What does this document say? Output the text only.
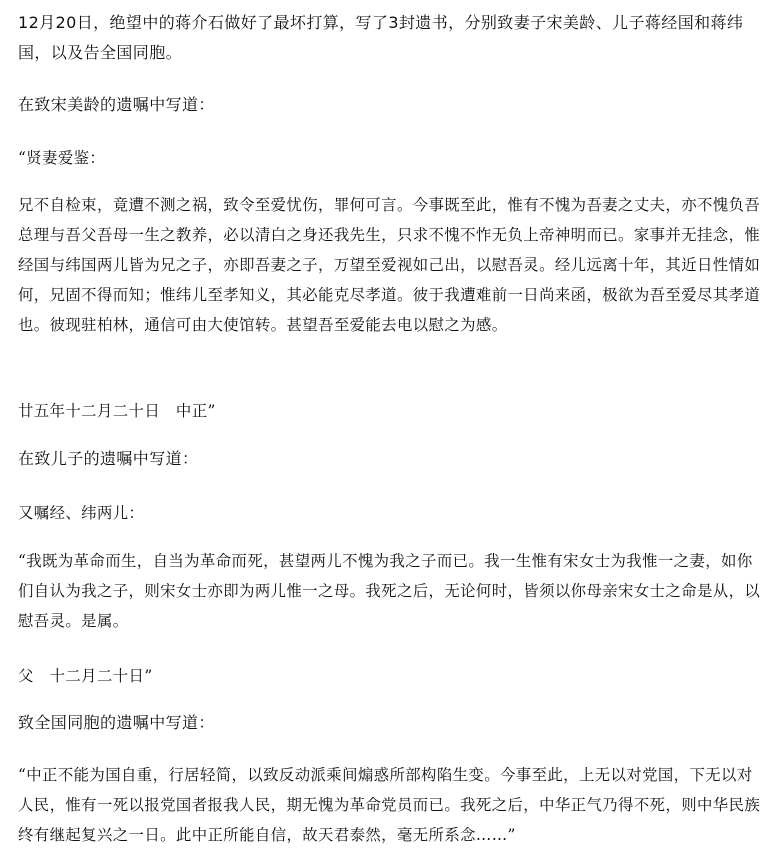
12月20日，绝望中的蒋介石做好了最坏打算，写了3封遗书，分别致妻子宋美龄、儿子蒋经国和蒋纬国，以及告全国同胞。

在致宋美龄的遗嘱中写道：

“贤妻爱鉴：

兄不自检束，竟遭不测之祸，致令至爱忧伤，罪何可言。今事既至此，惟有不愧为吾妻之丈夫，亦不愧负吾总理与吾父吾母一生之教养，必以清白之身还我先生，只求不愧不怍无负上帝神明而已。家事并无挂念，惟经国与纬国两儿皆为兄之子，亦即吾妻之子，万望至爱视如己出，以慰吾灵。经儿远离十年，其近日性情如何，兄固不得而知；惟纬儿至孝知义，其必能克尽孝道。彼于我遭难前一日尚来函，极欲为吾至爱尽其孝道也。彼现驻柏林，通信可由大使馆转。甚望吾至爱能去电以慰之为感。

廿五年十二月二十日　中正”

在致儿子的遗嘱中写道：

又嘱经、纬两儿：

“我既为革命而生，自当为革命而死，甚望两儿不愧为我之子而已。我一生惟有宋女士为我惟一之妻，如你们自认为我之子，则宋女士亦即为两儿惟一之母。我死之后，无论何时，皆须以你母亲宋女士之命是从，以慰吾灵。是属。

父　十二月二十日”

致全国同胞的遗嘱中写道：

“中正不能为国自重，行居轻简，以致反动派乘间煽惑所部构陷生变。今事至此，上无以对党国，下无以对人民，惟有一死以报党国者报我人民，期无愧为革命党员而已。我死之后，中华正气乃得不死，则中华民族终有继起复兴之一日。此中正所能自信，故天君泰然，毫无所系念……”
